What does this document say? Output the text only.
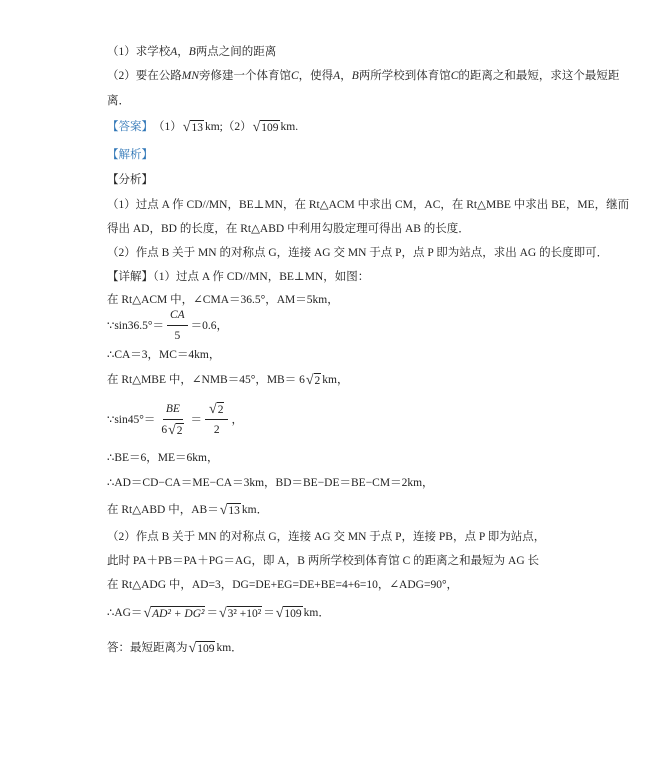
（1）求学校 A ， B 两点之间的距离
（2）要在公路 MN 旁修建一个体育馆 C ，使得 A ， B 两所学校到体育馆 C 的距离之和最短，求这个最短距
离．
【答案】 （1） √ 13 km;（2） √ 109 km.
【解析】
【分析】
（1）过点 A 作 CD//MN，BE⊥MN，在 Rt△ACM 中求出 CM，AC，在 Rt△MBE 中求出 BE，ME，继而
得出 AD，BD 的长度，在 Rt△ABD 中利用勾股定理可得出 AB 的长度．
（2）作点 B 关于 MN 的对称点 G，连接 AG 交 MN 于点 P，点 P 即为站点，求出 AG 的长度即可．
【详解】（1）过点 A 作 CD//MN，BE⊥MN，如图：
在 Rt△ACM 中，∠CMA＝36.5°，AM＝5km，
∵sin36.5°＝ $\frac{CA}{5} =0.6$，
∴CA＝3，MC＝4km，
在 Rt△MBE 中，∠NMB＝45°，MB＝ 6 √ 2 km，
∵sin45°＝ $\frac{BE}{6 √ 2} = \frac{√ 2}{2}$ ，
∴BE＝6，ME＝6km，
∴AD＝CD−CA＝ME−CA＝3km，BD＝BE−DE＝BE−CM＝2km，
在 Rt△ABD 中，AB＝ √ 13 km．
（2）作点 B 关于 MN 的对称点 G，连接 AG 交 MN 于点 P，连接 PB，点 P 即为站点，
此时 PA＋PB＝PA＋PG＝AG，即 A，B 两所学校到体育馆 C 的距离之和最短为 AG 长
在 Rt△ADG 中，AD=3，DG=DE+EG=DE+BE=4+6=10，∠ADG=90°，
∴AG＝ √ AD² + DG² ＝ √ 3² +10² ＝ √ 109 km．
答：最短距离为 √ 109 km．
